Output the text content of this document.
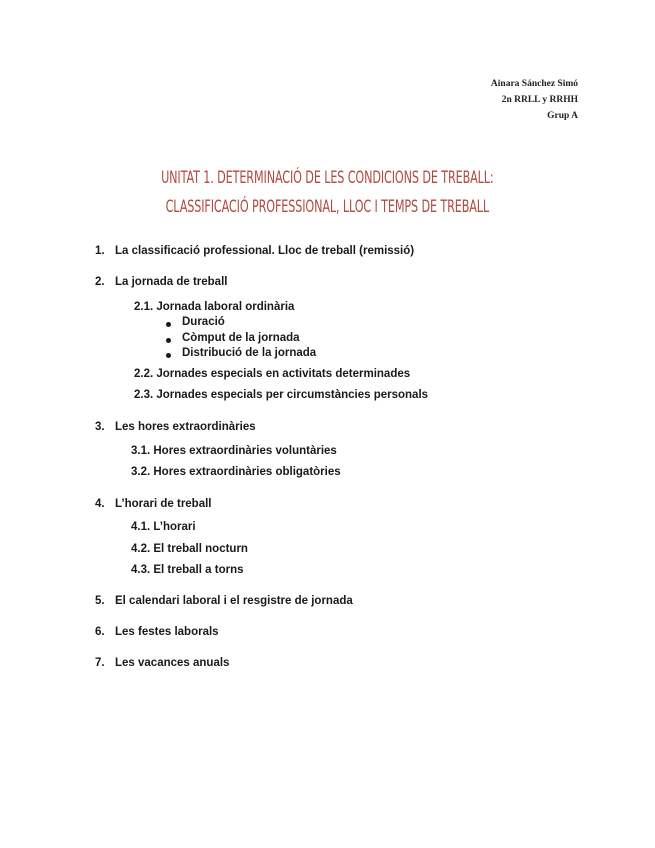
Ainara Sánchez Simó
2n RRLL y RRHH
Grup A
UNITAT 1. DETERMINACIÓ DE LES CONDICIONS DE TREBALL:
CLASSIFICACIÓ PROFESSIONAL, LLOC I TEMPS DE TREBALL
1. La classificació professional. Lloc de treball (remissió)
2. La jornada de treball
2.1. Jornada laboral ordinària
Duració
Còmput de la jornada
Distribució de la jornada
2.2. Jornades especials en activitats determinades
2.3. Jornades especials per circumstàncies personals
3. Les hores extraordinàries
3.1. Hores extraordinàries voluntàries
3.2. Hores extraordinàries obligatòries
4. L’horari de treball
4.1. L’horari
4.2. El treball nocturn
4.3. El treball a torns
5. El calendari laboral i el resgistre de jornada
6. Les festes laborals
7. Les vacances anuals
